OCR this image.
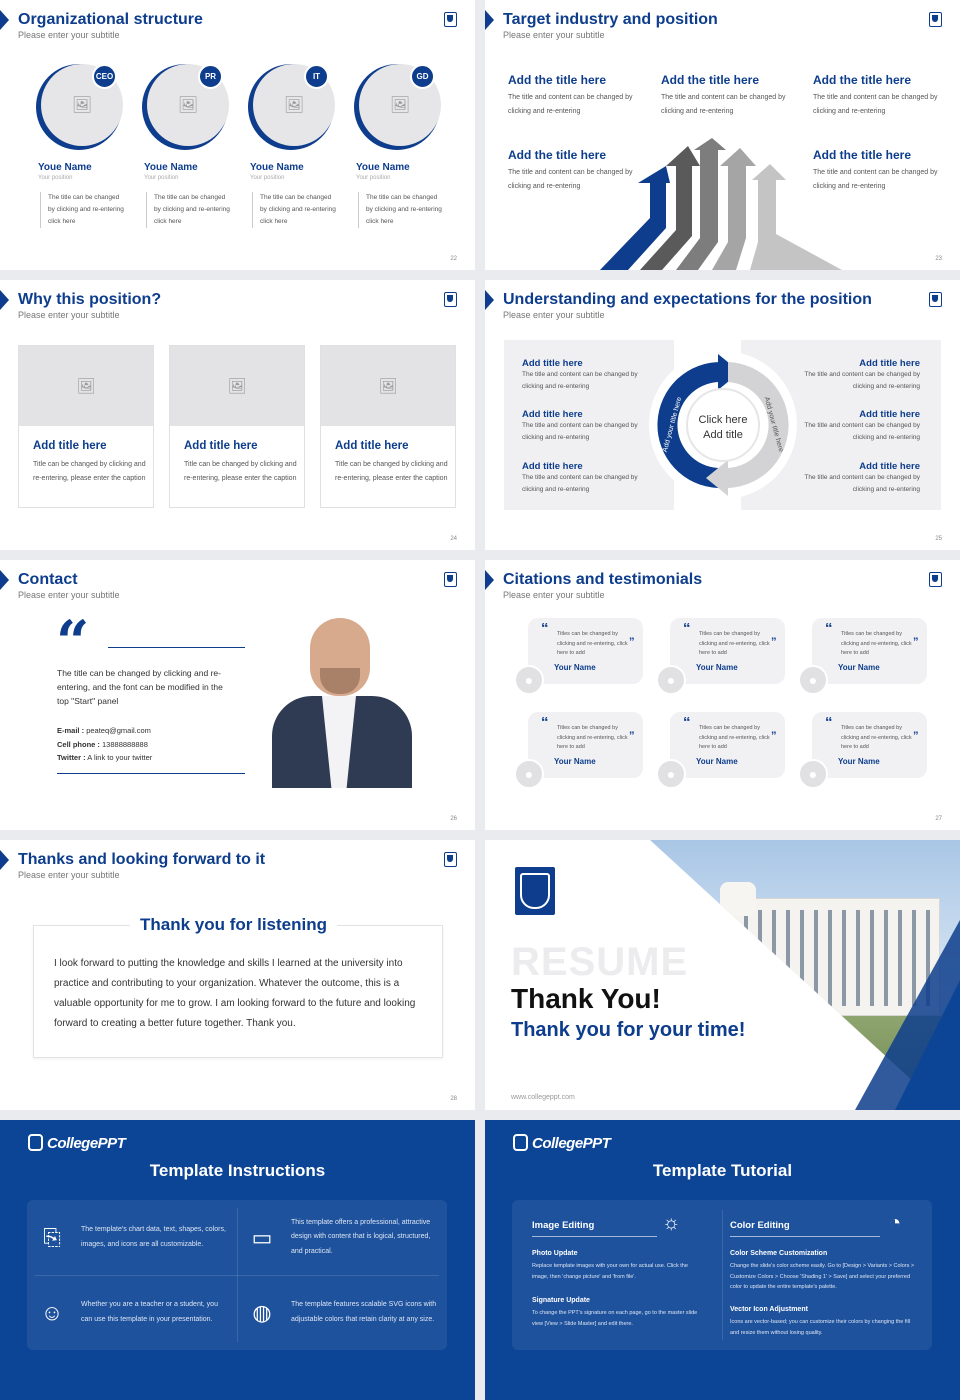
Organizational structure
Please enter your subtitle
🖼
CEO
Youe Name
Your position
The title can be changed by clicking and re-entering click here
🖼
PR
Youe Name
Your position
The title can be changed by clicking and re-entering click here
🖼
IT
Youe Name
Your position
The title can be changed by clicking and re-entering click here
🖼
GD
Youe Name
Your position
The title can be changed by clicking and re-entering click here
22
Target industry and position
Please enter your subtitle
Add the title here
The title and content can be changed by clicking and re-entering
Add the title here
The title and content can be changed by clicking and re-entering
Add the title here
The title and content can be changed by clicking and re-entering
Add the title here
The title and content can be changed by clicking and re-entering
Add the title here
The title and content can be changed by clicking and re-entering
23
Why this position?
Please enter your subtitle
🖼
Add title here
Title can be changed by clicking and re-entering, please enter the caption
🖼
Add title here
Title can be changed by clicking and re-entering, please enter the caption
🖼
Add title here
Title can be changed by clicking and re-entering, please enter the caption
24
Understanding and expectations for the position
Please enter your subtitle
Add title here
The title and content can be changed by clicking and re-entering
Add title here
The title and content can be changed by clicking and re-entering
Add title here
The title and content can be changed by clicking and re-entering
Add title here
The title and content can be changed by clicking and re-entering
Add title here
The title and content can be changed by clicking and re-entering
Add title here
The title and content can be changed by clicking and re-entering
Click here
Add title
Add your title here	Add your title here
25
Contact
Please enter your subtitle
“
The title can be changed by clicking and re-entering, and the font can be modified in the top "Start" panel
E-mail : peateq@gmail.com
Cell phone : 13888888888
Twitter : A link to your twitter
26
Citations and testimonials
Please enter your subtitle
“ Titles can be changed by clicking and re-entering, click here to add
”
Your Name
●
“ Titles can be changed by clicking and re-entering, click here to add
”
Your Name
●
“ Titles can be changed by clicking and re-entering, click here to add
”
Your Name
●
“ Titles can be changed by clicking and re-entering, click here to add
”
Your Name
●
“ Titles can be changed by clicking and re-entering, click here to add
”
Your Name
●
“ Titles can be changed by clicking and re-entering, click here to add
”
Your Name
●
27
Thanks and looking forward to it
Please enter your subtitle
Thank you for listening
I look forward to putting the knowledge and skills I learned at the university into practice and contributing to your organization. Whatever the outcome, this is a valuable opportunity for me to grow. I am looking forward to the future and looking forward to creating a better future together. Thank you.
28
RESUME
Thank You!
Thank you for your time!
www.collegeppt.com
CollegePPT
Template Instructions
⎘	The template's chart data, text, shapes, colors, images, and icons are all customizable.	▭
This template offers a professional, attractive design with content that is logical, structured, and practical.
☺	Whether you are a teacher or a student, you can use this template in your presentation.	◍	The template features scalable SVG icons with adjustable colors that retain clarity at any size.
CollegePPT
Template Tutorial
Image Editing	☼
Photo Update
Replace template images with your own for actual use. Click the image, then 'change picture' and 'from file'.
Signature Update
To change the PPT's signature on each page, go to the master slide view [View > Slide Master] and edit there.
Color Editing	◔
Color Scheme Customization
Change the slide's color scheme easily. Go to [Design > Variants > Colors > Customize Colors > Choose 'Shading 1' > Save] and select your preferred color to update the entire template's palette.
Vector Icon Adjustment
Icons are vector-based; you can customize their colors by changing the fill and resize them without losing quality.
